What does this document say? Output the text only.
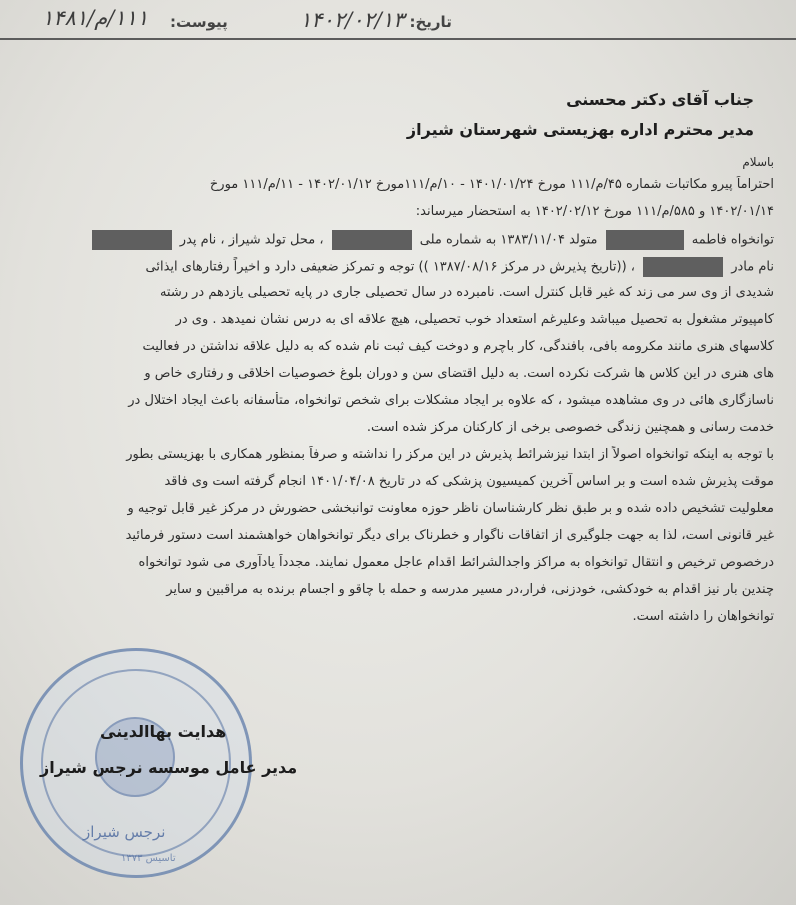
۱۱۱/م/۱۴۸۱	تاریخ: ۱۴۰۲/۰۲/۱۳
پیوست:
جناب آقای دکتر محسنی
مدیر محترم اداره بهزیستی شهرستان شیراز
باسلام
احتراماً پیرو مکاتبات شماره ۴۵/م/۱۱۱ مورخ ۱۴۰۱/۰۱/۲۴ - ۱۰/م/۱۱۱مورخ ۱۴۰۲/۰۱/۱۲ - ۱۱/م/۱۱۱ مورخ
۱۴۰۲/۰۱/۱۴ و ۵۸۵/م/۱۱۱ مورخ ۱۴۰۲/۰۲/۱۲ به استحضار میرساند:
توانخواه فاطمه  متولد ۱۳۸۳/۱۱/۰۴ به شماره ملی  ، محل تولد شیراز ، نام پدر
نام مادر  ، ((تاریخ پذیرش در مرکز ۱۳۸۷/۰۸/۱۶ )) توجه و تمرکز ضعیفی دارد و اخیراً رفتارهای ایذائی
شدیدی از وی سر می زند که غیر قابل کنترل است. نامبرده در سال تحصیلی جاری در پایه تحصیلی یازدهم در رشته
کامپیوتر مشغول به تحصیل میباشد وعلیرغم استعداد خوب تحصیلی، هیچ علاقه ای به درس نشان نمیدهد . وی در
کلاسهای هنری مانند مکرومه بافی، بافندگی، کار باچرم و دوخت کیف ثبت نام شده که به دلیل علاقه نداشتن در فعالیت
های هنری در این کلاس ها شرکت نکرده است. به دلیل اقتضای سن و دوران بلوغ خصوصیات اخلاقی و رفتاری خاص و
ناسازگاری هائی در وی مشاهده میشود ، که علاوه بر ایجاد مشکلات برای شخص توانخواه، متأسفانه باعث ایجاد اختلال در
خدمت رسانی و همچنین زندگی خصوصی برخی از کارکنان مرکز شده است.
با توجه به اینکه توانخواه اصولاً از ابتدا نیزشرائط پذیرش در این مرکز را نداشته و صرفاً بمنظور همکاری با بهزیستی بطور
موقت پذیرش شده است و بر اساس آخرین کمیسیون پزشکی که در تاریخ ۱۴۰۱/۰۴/۰۸ انجام گرفته است وی فاقد
معلولیت تشخیص داده شده و بر طبق نظر کارشناسان ناظر حوزه معاونت توانبخشی حضورش در مرکز غیر قابل توجیه و
غیر قانونی است، لذا به جهت جلوگیری از اتفاقات ناگوار و خطرناک برای دیگر توانخواهان خواهشمند است دستور فرمائید
درخصوص ترخیص و انتقال توانخواه به مراکز واجدالشرائط اقدام عاجل معمول نمایند. مجدداً یادآوری می شود توانخواه
چندین بار نیز اقدام به خودکشی، خودزنی، فرار،در مسیر مدرسه و حمله با چاقو و اجسام برنده به مراقبین و سایر
توانخواهان را داشته است.
نرجس شیراز
تاسیس ۱۳۷۳
هدایت بهاالدینی
مدیر عامل موسسه نرجس شیراز
